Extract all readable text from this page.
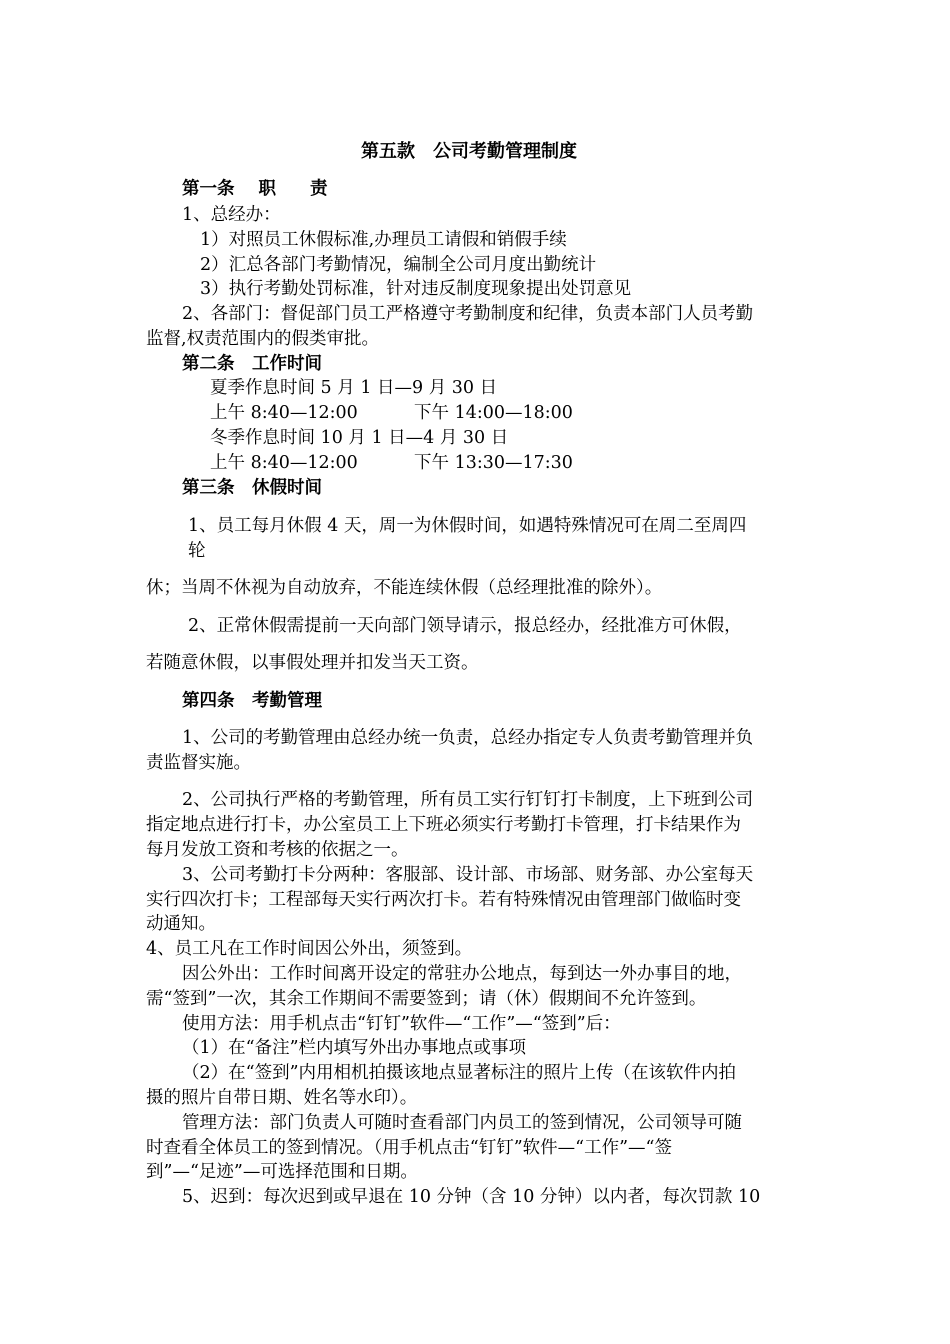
第五款　公司考勤管理制度
第一条 职 责
1、总经办：
1）对照员工休假标准,办理员工请假和销假手续
2）汇总各部门考勤情况，编制全公司月度出勤统计
3）执行考勤处罚标准，针对违反制度现象提出处罚意见
2、各部门：督促部门员工严格遵守考勤制度和纪律，负责本部门人员考勤
监督,权责范围内的假类审批。
第二条　工作时间
夏季作息时间 5 月 1 日—9 月 30 日
上午 8:40—12:00	下午 14:00—18:00
冬季作息时间 10 月 1 日—4 月 30 日
上午 8:40—12:00	下午 13:30—17:30
第三条　休假时间
1、员工每月休假 4 天，周一为休假时间，如遇特殊情况可在周二至周四
轮
休；当周不休视为自动放弃，不能连续休假（总经理批准的除外）。
2、正常休假需提前一天向部门领导请示，报总经办，经批准方可休假，
若随意休假，以事假处理并扣发当天工资。
第四条　考勤管理
1、公司的考勤管理由总经办统一负责，总经办指定专人负责考勤管理并负
责监督实施。
2、公司执行严格的考勤管理，所有员工实行钉钉打卡制度，上下班到公司
指定地点进行打卡，办公室员工上下班必须实行考勤打卡管理，打卡结果作为
每月发放工资和考核的依据之一。
3、公司考勤打卡分两种：客服部、设计部、市场部、财务部、办公室每天
实行四次打卡；工程部每天实行两次打卡。若有特殊情况由管理部门做临时变
动通知。
4、员工凡在工作时间因公外出，须签到。
因公外出：工作时间离开设定的常驻办公地点，每到达一外办事目的地，
需“签到”一次，其余工作期间不需要签到；请（休）假期间不允许签到。
使用方法：用手机点击“钉钉”软件—“工作”—“签到”后：
（1）在“备注”栏内填写外出办事地点或事项
（2）在“签到”内用相机拍摄该地点显著标注的照片上传（在该软件内拍
摄的照片自带日期、姓名等水印）。
管理方法：部门负责人可随时查看部门内员工的签到情况，公司领导可随
时查看全体员工的签到情况。（用手机点击“钉钉”软件—“工作”—“签
到”—“足迹”—可选择范围和日期。
5、迟到：每次迟到或早退在 10 分钟（含 10 分钟）以内者，每次罚款 10
